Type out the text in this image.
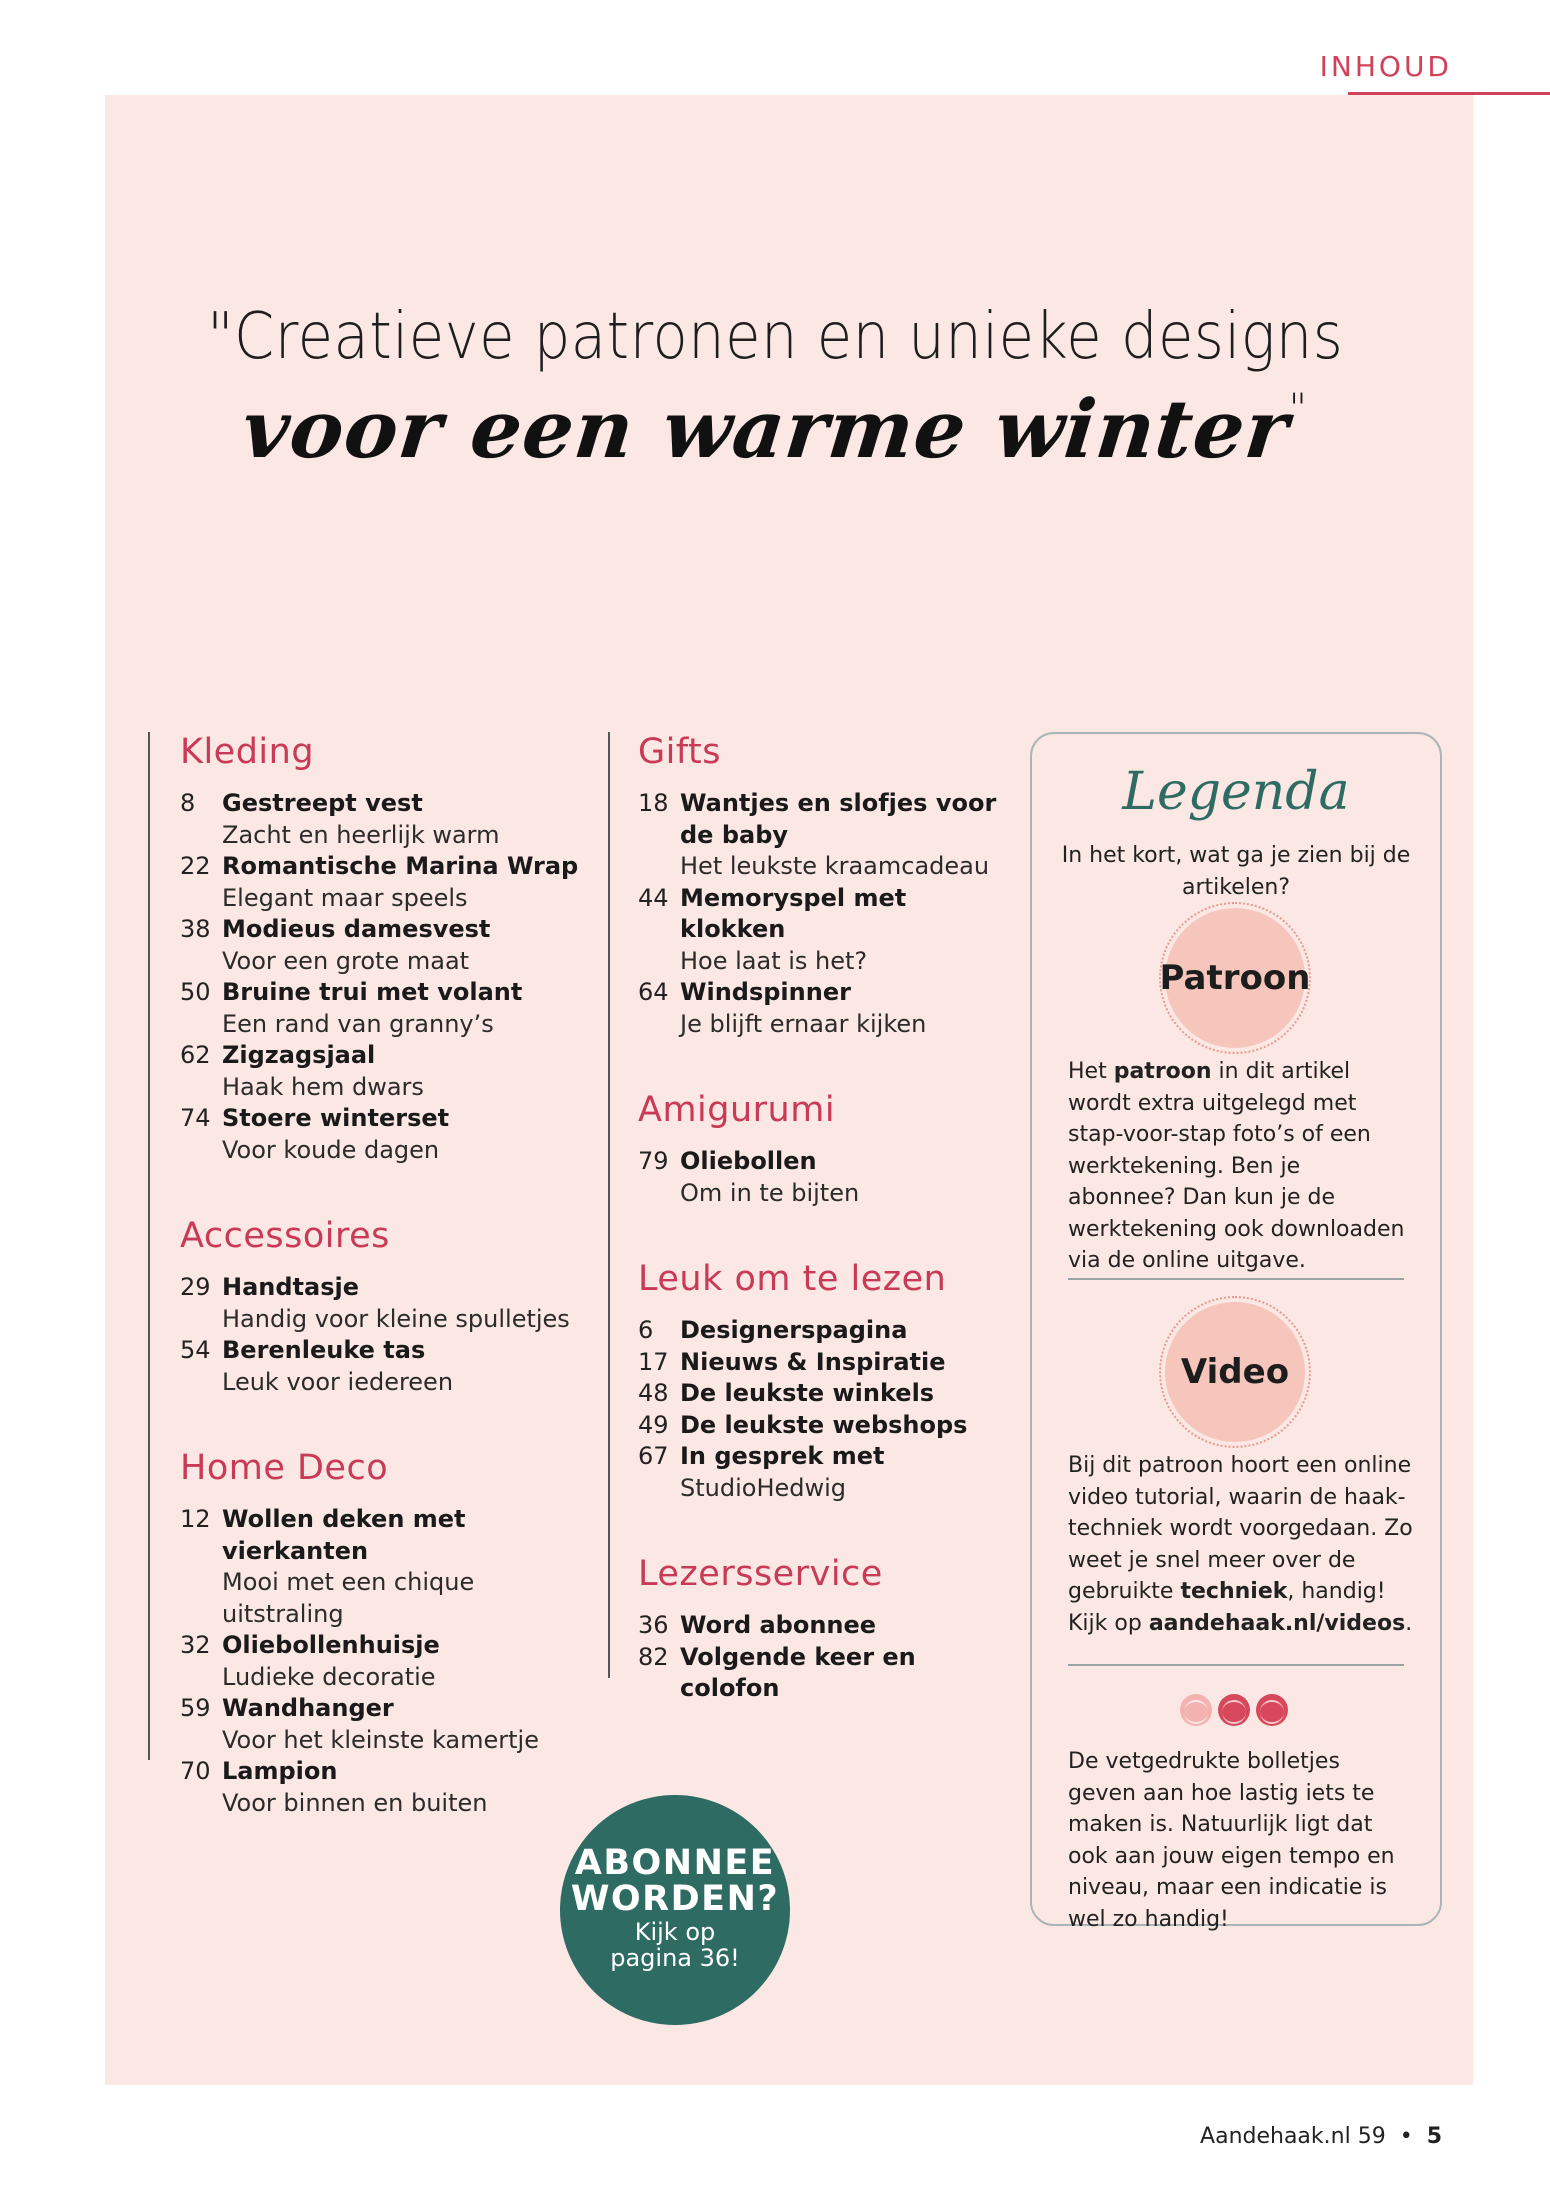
INHOUD
"Creatieve patronen en unieke designs
voor een warme winter"
Kleding
8	Gestreept vest
Zacht en heerlijk warm
22 Romantische Marina Wrap
Elegant maar speels
38 Modieus damesvest
Voor een grote maat
50 Bruine trui met volant
Een rand van granny’s
62 Zigzagsjaal
Haak hem dwars
74 Stoere winterset
Voor koude dagen
Accessoires
29 Handtasje
Handig voor kleine spulletjes
54 Berenleuke tas
Leuk voor iedereen
Home Deco
12 Wollen deken met vierkanten
Mooi met een chique uitstraling
32 Oliebollenhuisje
Ludieke decoratie
59 Wandhanger
Voor het kleinste kamertje
70 Lampion
Voor binnen en buiten
Gifts
18 Wantjes en slofjes voor de baby
Het leukste kraamcadeau
44 Memoryspel met klokken
Hoe laat is het?
64 Windspinner
Je blijft ernaar kijken
Amigurumi
79 Oliebollen
Om in te bijten
Leuk om te lezen
6	Designerspagina
17 Nieuws & Inspiratie
48 De leukste winkels
49 De leukste webshops
67 In gesprek met
StudioHedwig
Lezersservice
36 Word abonnee
82 Volgende keer en colofon
Legenda
In het kort, wat ga je zien bij de artikelen?
Patroon
Het patroon in dit artikel wordt extra uitgelegd met stap-voor-stap foto’s of een werktekening. Ben je abonnee? Dan kun je de werktekening ook downloaden via de online uitgave.
Video
Bij dit patroon hoort een online video tutorial, waarin de haak-techniek wordt voorgedaan. Zo weet je snel meer over de gebruikte techniek, handig! Kijk op aandehaak.nl/videos.
De vetgedrukte bolletjes geven aan hoe lastig iets te maken is. Natuurlijk ligt dat ook aan jouw eigen tempo en niveau, maar een indicatie is wel zo handig!
ABONNEE
WORDEN?
Kijk op
pagina 36!
Aandehaak.nl 59 • 5
